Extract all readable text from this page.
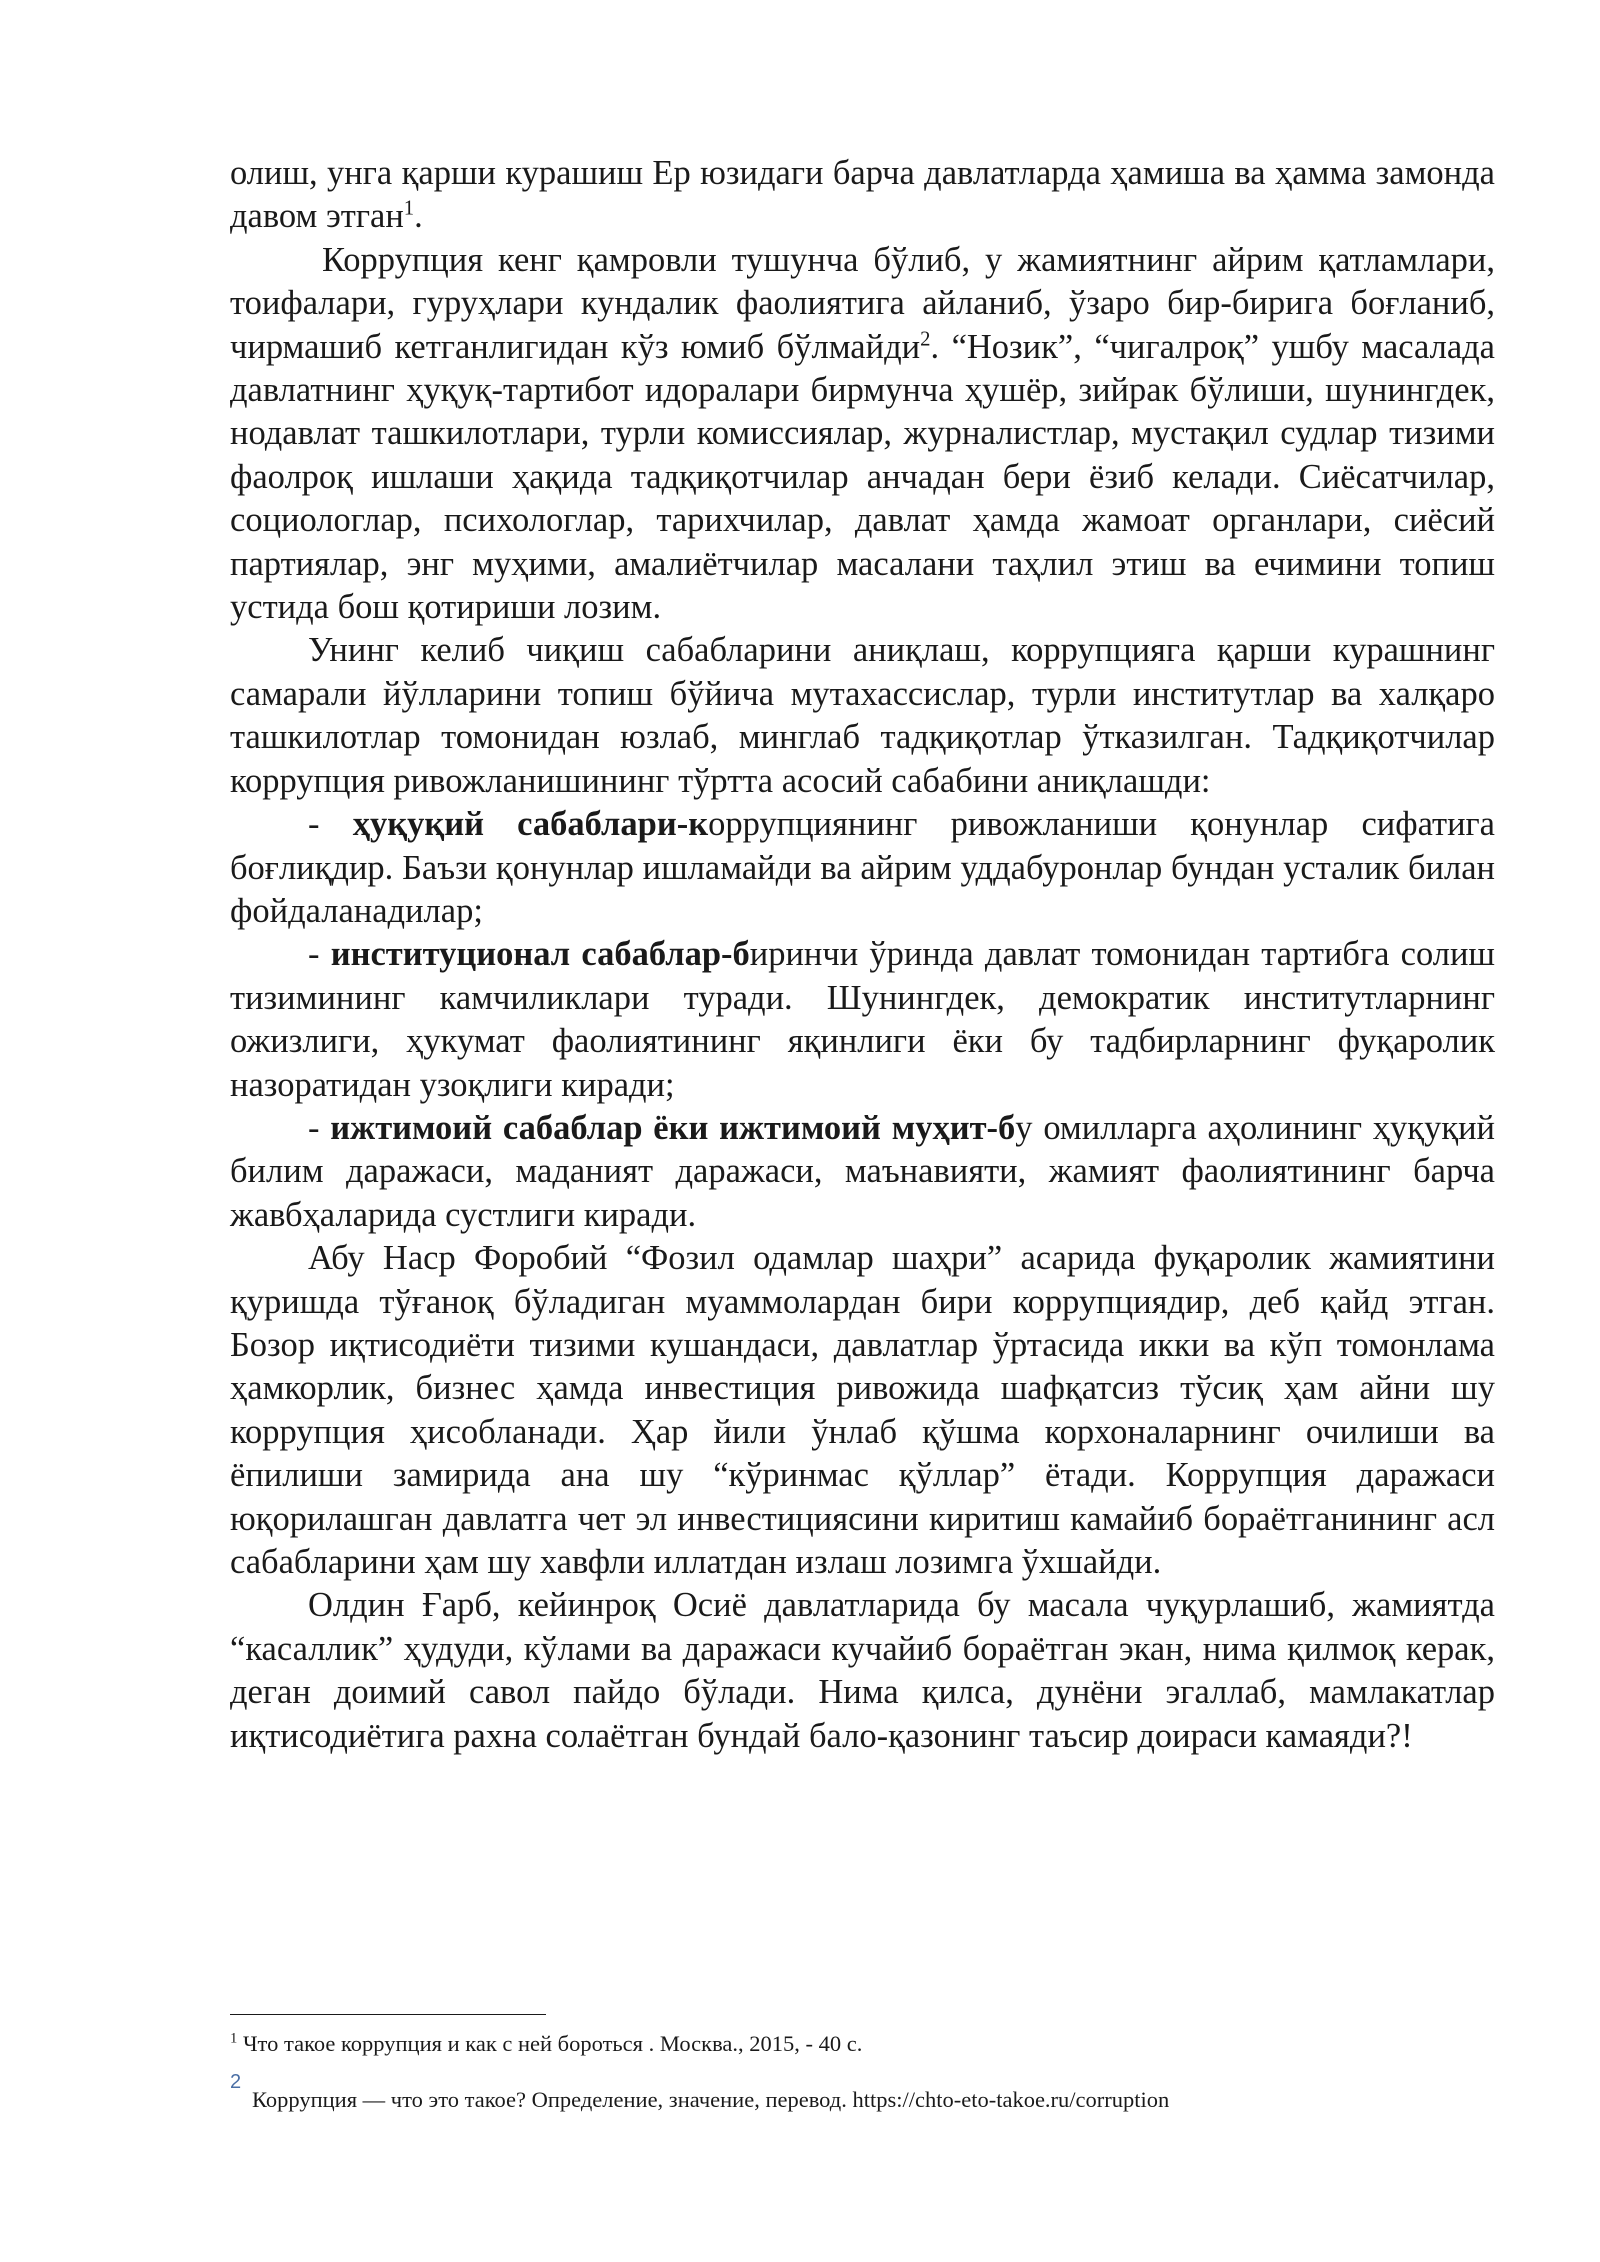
олиш, унга қарши курашиш Ер юзидаги барча давлатларда ҳамиша ва ҳамма замонда давом этган$^1$.

Коррупция кенг қамровли тушунча бўлиб, у жамиятнинг айрим қатламлари, тоифалари, гуруҳлари кундалик фаолиятига айланиб, ўзаро бир-бирига боғланиб, чирмашиб кетганлигидан кўз юмиб бўлмайди$^2$. “Нозик”, “чигалроқ” ушбу масалада давлатнинг ҳуқуқ-тартибот идоралари бирмунча ҳушёр, зийрак бўлиши, шунингдек, нодавлат ташкилотлари, турли комиссиялар, журналистлар, мустақил судлар тизими фаолроқ ишлаши ҳақида тадқиқотчилар анчадан бери ёзиб келади. Сиёсатчилар, социологлар, психологлар, тарихчилар, давлат ҳамда жамоат органлари, сиёсий партиялар, энг муҳими, амалиётчилар масалани таҳлил этиш ва ечимини топиш устида бош қотириши лозим.

Унинг келиб чиқиш сабабларини аниқлаш, коррупцияга қарши курашнинг самарали йўлларини топиш бўйича мутахассислар, турли институтлар ва халқаро ташкилотлар томонидан юзлаб, минглаб тадқиқотлар ўтказилган. Тадқиқотчилар коррупция ривожланишининг тўртта асосий сабабини аниқлашди:

- ҳуқуқий сабаблари-коррупциянинг ривожланиши қонунлар сифатига боғлиқдир. Баъзи қонунлар ишламайди ва айрим уддабуронлар бундан усталик билан фойдаланадилар;

- институционал сабаблар-биринчи ўринда давлат томонидан тартибга солиш тизимининг камчиликлари туради. Шунингдек, демократик институтларнинг ожизлиги, ҳукумат фаолиятининг яқинлиги ёки бу тадбирларнинг фуқаролик назоратидан узоқлиги киради;

- ижтимоий сабаблар ёки ижтимоий муҳит-бу омилларга аҳолининг ҳуқуқий билим даражаси, маданият даражаси, маънавияти, жамият фаолиятининг барча жавбҳаларида сустлиги киради.

Абу Наср Форобий “Фозил одамлар шаҳри” асарида фуқаролик жамиятини қуришда тўғаноқ бўладиган муаммолардан бири коррупциядир, деб қайд этган. Бозор иқтисодиёти тизими кушандаси, давлатлар ўртасида икки ва кўп томонлама ҳамкорлик, бизнес ҳамда инвестиция ривожида шафқатсиз тўсиқ ҳам айни шу коррупция ҳисобланади. Ҳар йили ўнлаб қўшма корхоналарнинг очилиши ва ёпилиши замирида ана шу “кўринмас қўллар” ётади. Коррупция даражаси юқорилашган давлатга чет эл инвестициясини киритиш камайиб бораётганининг асл сабабларини ҳам шу хавфли иллатдан излаш лозимга ўхшайди.

Олдин Ғарб, кейинроқ Осиё давлатларида бу масала чуқурлашиб, жамиятда “касаллик” ҳудуди, кўлами ва даражаси кучайиб бораётган экан, нима қилмоқ керак, деган доимий савол пайдо бўлади. Нима қилса, дунёни эгаллаб, мамлакатлар иқтисодиётига рахна солаётган бундай бало-қазонинг таъсир доираси камаяди?!

$^1$ Что такое коррупция и как с ней бороться . Москва., 2015, - 40 с.
2
Коррупция — что это такое? Определение, значение, перевод. https://chto-eto-takoe.ru/corruption
